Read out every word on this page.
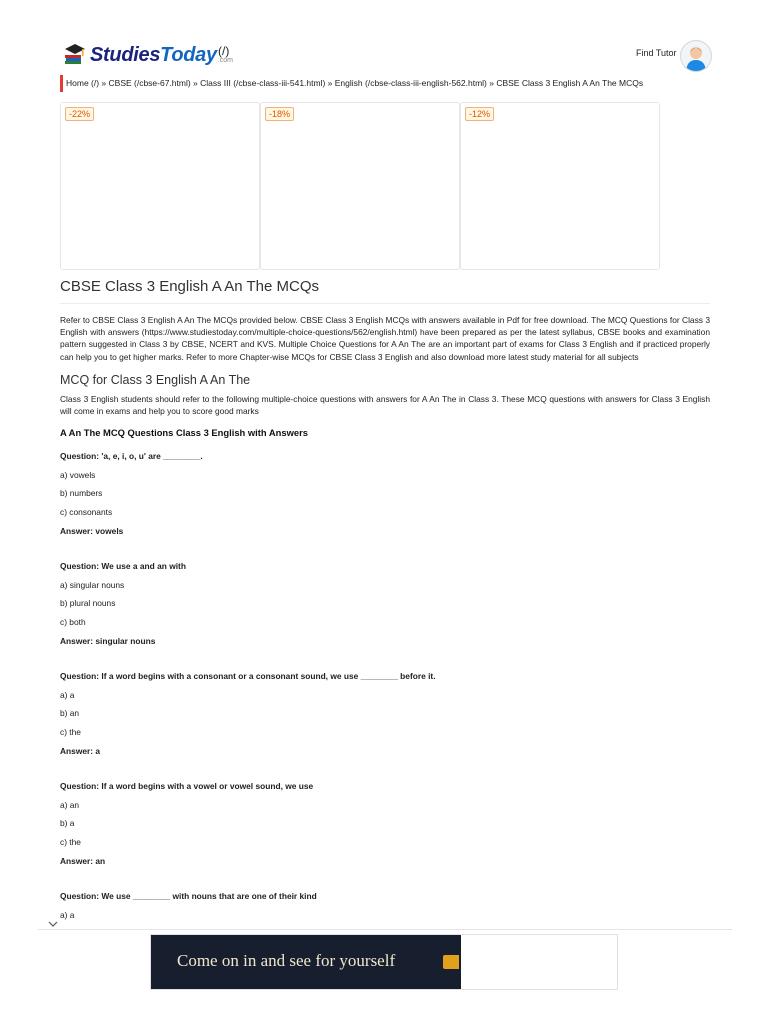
StudiesToday .com
(/)	Find Tutor
Home (/) » CBSE (/cbse-67.html) » Class III (/cbse-class-iii-541.html) » English (/cbse-class-iii-english-562.html) » CBSE Class 3 English A An The MCQs
-22%	-18%	-12%
CBSE Class 3 English A An The MCQs

Refer to CBSE Class 3 English A An The MCQs provided below. CBSE Class 3 English MCQs with answers available in Pdf for free download. The MCQ Questions for Class 3 English with answers (https://www.studiestoday.com/multiple-choice-questions/562/english.html) have been prepared as per the latest syllabus, CBSE books and examination pattern suggested in Class 3 by CBSE, NCERT and KVS. Multiple Choice Questions for A An The are an important part of exams for Class 3 English and if practiced properly can help you to get higher marks. Refer to more Chapter-wise MCQs for CBSE Class 3 English and also download more latest study material for all subjects

MCQ for Class 3 English A An The

Class 3 English students should refer to the following multiple-choice questions with answers for A An The in Class 3. These MCQ questions with answers for Class 3 English will come in exams and help you to score good marks

A An The MCQ Questions Class 3 English with Answers
Question: 'a, e, i, o, u' are ________.
a) vowels
b) numbers
c) consonants
Answer: vowels
Question: We use a and an with
a) singular nouns
b) plural nouns
c) both
Answer: singular nouns
Question: If a word begins with a consonant or a consonant sound, we use ________ before it.
a) a
b) an
c) the
Answer: a
Question: If a word begins with a vowel or vowel sound, we use
a) an
b) a
c) the
Answer: an
Question: We use ________ with nouns that are one of their kind
a) a
Come on in and see for yourself
